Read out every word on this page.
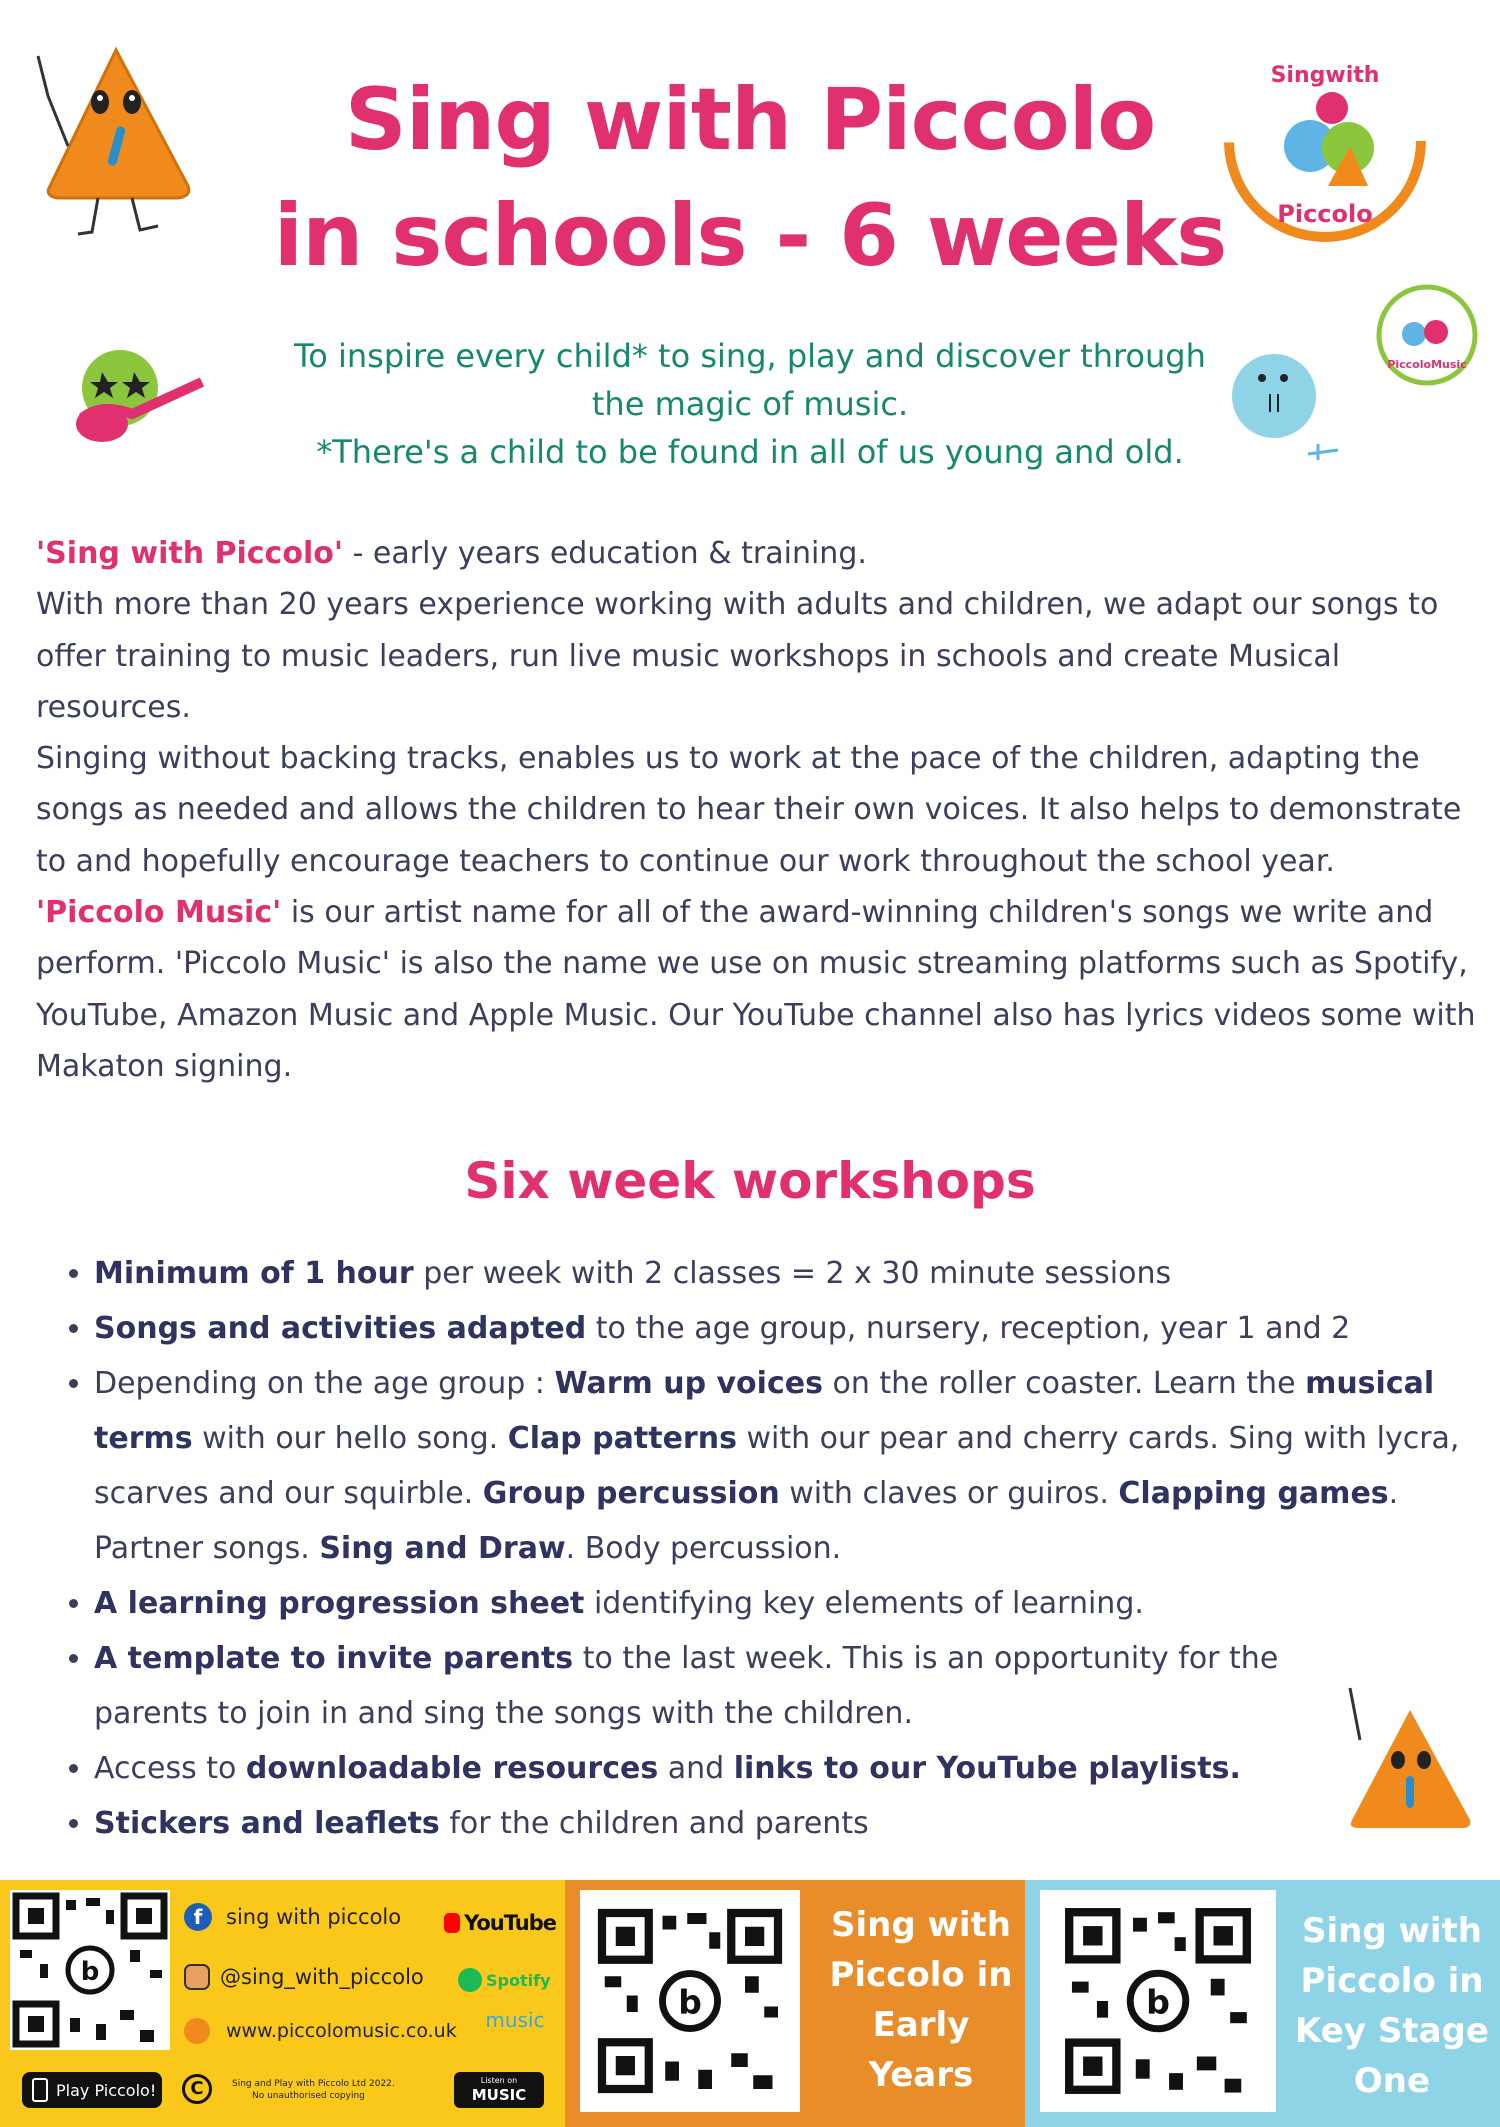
Sing with Piccolo
in schools - 6 weeks
Singwith
Piccolo
PiccoloMusic
To inspire every child* to sing, play and discover through
the magic of music.
*There's a child to be found in all of us young and old.

'Sing with Piccolo' - early years education & training.

With more than 20 years experience working with adults and children, we adapt our songs to offer training to music leaders, run live music workshops in schools and create Musical resources.

Singing without backing tracks, enables us to work at the pace of the children, adapting the songs as needed and allows the children to hear their own voices. It also helps to demonstrate to and hopefully encourage teachers to continue our work throughout the school year.

'Piccolo Music' is our artist name for all of the award-winning children's songs we write and perform. 'Piccolo Music' is also the name we use on music streaming platforms such as Spotify, YouTube, Amazon Music and Apple Music. Our YouTube channel also has lyrics videos some with Makaton signing.

Six week workshops
• Minimum of 1 hour per week with 2 classes = 2 x 30 minute sessions
• Songs and activities adapted to the age group, nursery, reception, year 1 and 2
• Depending on the age group : Warm up voices on the roller coaster. Learn the musical terms with our hello song. Clap patterns with our pear and cherry cards. Sing with lycra, scarves and our squirble. Group percussion with claves or guiros. Clapping games. Partner songs. Sing and Draw. Body percussion.
• A learning progression sheet identifying key elements of learning.
• A template to invite parents to the last week. This is an opportunity for the parents to join in and sing the songs with the children.
• Access to downloadable resources and links to our YouTube playlists.
• Stickers and leaflets for the children and parents
b
f	sing with piccolo
@sing_with_piccolo
www.piccolomusic.co.uk
Play Piccolo!	C	Sing and Play with Piccolo Ltd 2022.
No unauthorised copying
YouTube
Spotify
music
Listen on
MUSIC
b
Sing with
Piccolo in
Early
Years
b
Sing with
Piccolo in
Key Stage
One
